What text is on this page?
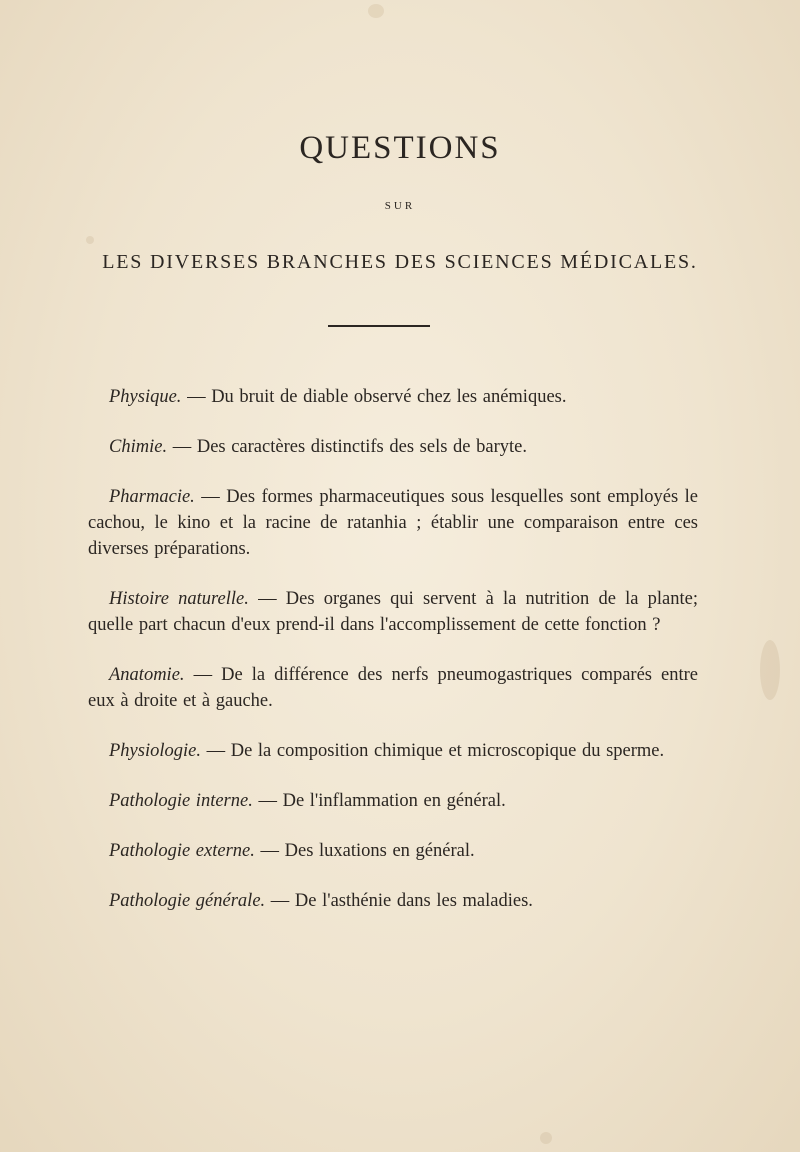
QUESTIONS
SUR
LES DIVERSES BRANCHES DES SCIENCES MÉDICALES.

Physique. — Du bruit de diable observé chez les anémiques.

Chimie. — Des caractères distinctifs des sels de baryte.

Pharmacie. — Des formes pharmaceutiques sous lesquelles sont employés le cachou, le kino et la racine de ratanhia ; établir une comparaison entre ces diverses préparations.

Histoire naturelle. — Des organes qui servent à la nutrition de la plante; quelle part chacun d'eux prend-il dans l'accomplissement de cette fonction ?

Anatomie. — De la différence des nerfs pneumogastriques comparés entre eux à droite et à gauche.

Physiologie. — De la composition chimique et microscopique du sperme.

Pathologie interne. — De l'inflammation en général.

Pathologie externe. — Des luxations en général.

Pathologie générale. — De l'asthénie dans les maladies.
